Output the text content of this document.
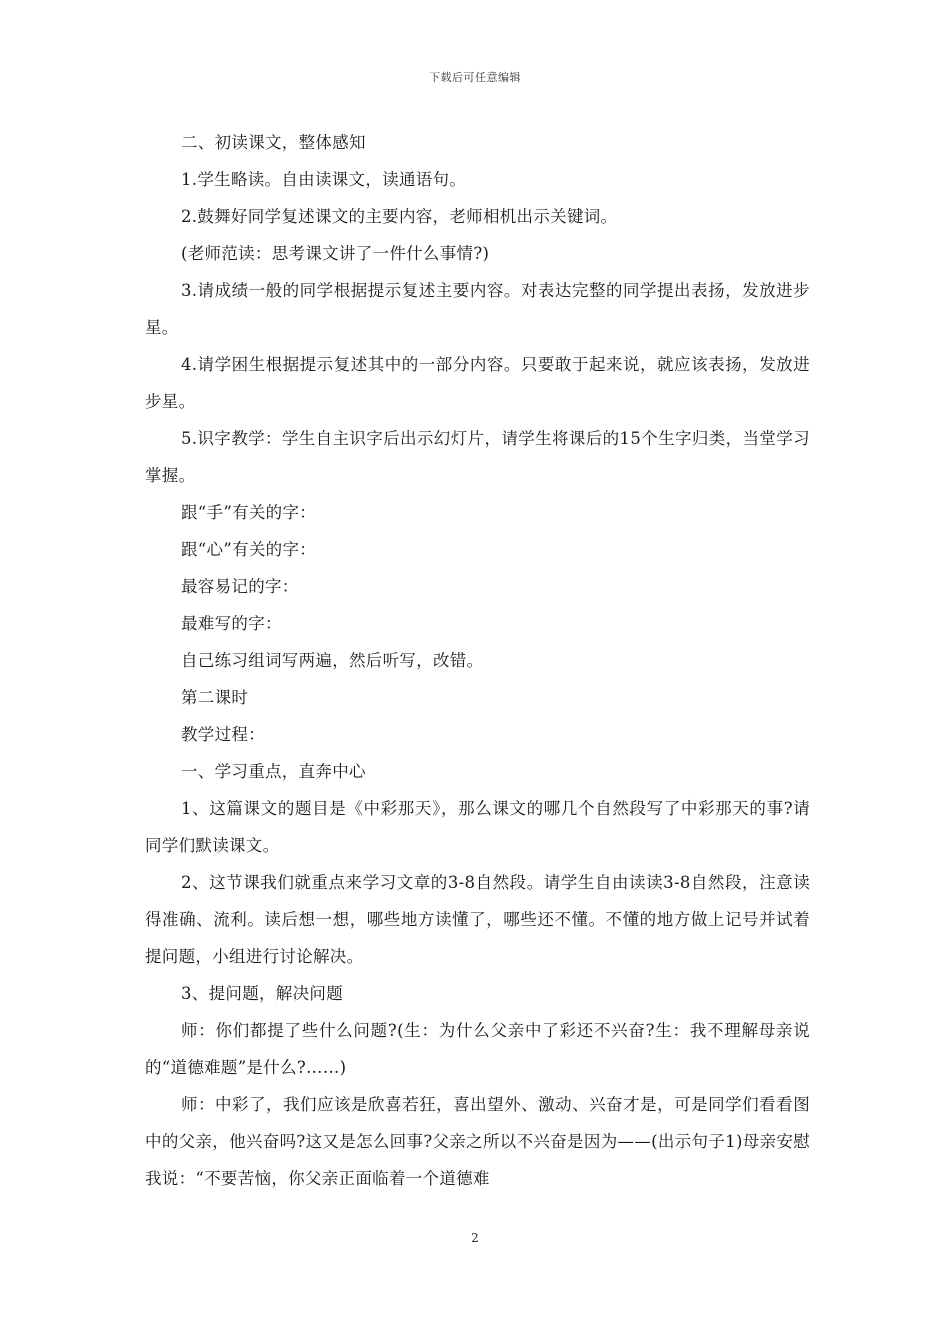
下载后可任意编辑

二、初读课文，整体感知

1.学生略读。自由读课文，读通语句。

2.鼓舞好同学复述课文的主要内容，老师相机出示关键词。

(老师范读：思考课文讲了一件什么事情?)

3.请成绩一般的同学根据提示复述主要内容。对表达完整的同学提出表扬，发放进步星。

4.请学困生根据提示复述其中的一部分内容。只要敢于起来说，就应该表扬，发放进步星。

5.识字教学：学生自主识字后出示幻灯片，请学生将课后的15个生字归类，当堂学习掌握。

跟“手”有关的字：

跟“心”有关的字：

最容易记的字：

最难写的字：

自己练习组词写两遍，然后听写，改错。

第二课时

教学过程：

一、学习重点，直奔中心

1、这篇课文的题目是《中彩那天》，那么课文的哪几个自然段写了中彩那天的事?请同学们默读课文。

2、这节课我们就重点来学习文章的3-8自然段。请学生自由读读3-8自然段，注意读得准确、流利。读后想一想，哪些地方读懂了，哪些还不懂。不懂的地方做上记号并试着提问题，小组进行讨论解决。

3、提问题，解决问题

师：你们都提了些什么问题?(生：为什么父亲中了彩还不兴奋?生：我不理解母亲说的“道德难题”是什么?……)

师：中彩了，我们应该是欣喜若狂，喜出望外、激动、兴奋才是，可是同学们看看图中的父亲，他兴奋吗?这又是怎么回事?父亲之所以不兴奋是因为——(出示句子1)母亲安慰我说：“不要苦恼，你父亲正面临着一个道德难

2
